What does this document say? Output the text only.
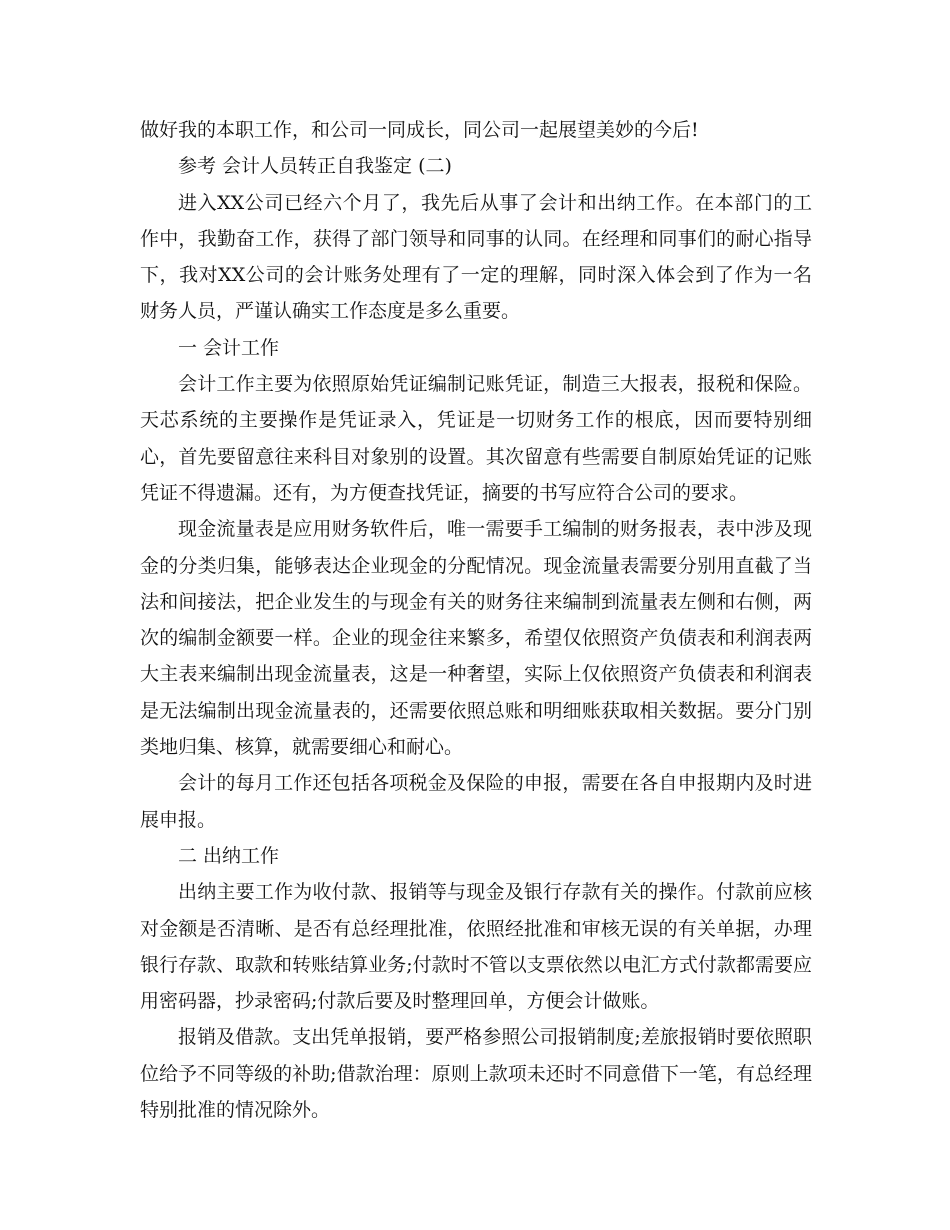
做好我的本职工作，和公司一同成长，同公司一起展望美妙的今后!

参考 会计人员转正自我鉴定 (二)

进入XX公司已经六个月了，我先后从事了会计和出纳工作。在本部门的工作中，我勤奋工作，获得了部门领导和同事的认同。在经理和同事们的耐心指导下，我对XX公司的会计账务处理有了一定的理解，同时深入体会到了作为一名财务人员，严谨认确实工作态度是多么重要。

一 会计工作

会计工作主要为依照原始凭证编制记账凭证，制造三大报表，报税和保险。天芯系统的主要操作是凭证录入，凭证是一切财务工作的根底，因而要特别细心，首先要留意往来科目对象别的设置。其次留意有些需要自制原始凭证的记账凭证不得遗漏。还有，为方便查找凭证，摘要的书写应符合公司的要求。

现金流量表是应用财务软件后，唯一需要手工编制的财务报表，表中涉及现金的分类归集，能够表达企业现金的分配情况。现金流量表需要分别用直截了当法和间接法，把企业发生的与现金有关的财务往来编制到流量表左侧和右侧，两次的编制金额要一样。企业的现金往来繁多，希望仅依照资产负债表和利润表两大主表来编制出现金流量表，这是一种奢望，实际上仅依照资产负债表和利润表是无法编制出现金流量表的，还需要依照总账和明细账获取相关数据。要分门别类地归集、核算，就需要细心和耐心。

会计的每月工作还包括各项税金及保险的申报，需要在各自申报期内及时进展申报。

二 出纳工作

出纳主要工作为收付款、报销等与现金及银行存款有关的操作。付款前应核对金额是否清晰、是否有总经理批准，依照经批准和审核无误的有关单据，办理银行存款、取款和转账结算业务;付款时不管以支票依然以电汇方式付款都需要应用密码器，抄录密码;付款后要及时整理回单，方便会计做账。

报销及借款。支出凭单报销，要严格参照公司报销制度;差旅报销时要依照职位给予不同等级的补助;借款治理：原则上款项未还时不同意借下一笔，有总经理特别批准的情况除外。
